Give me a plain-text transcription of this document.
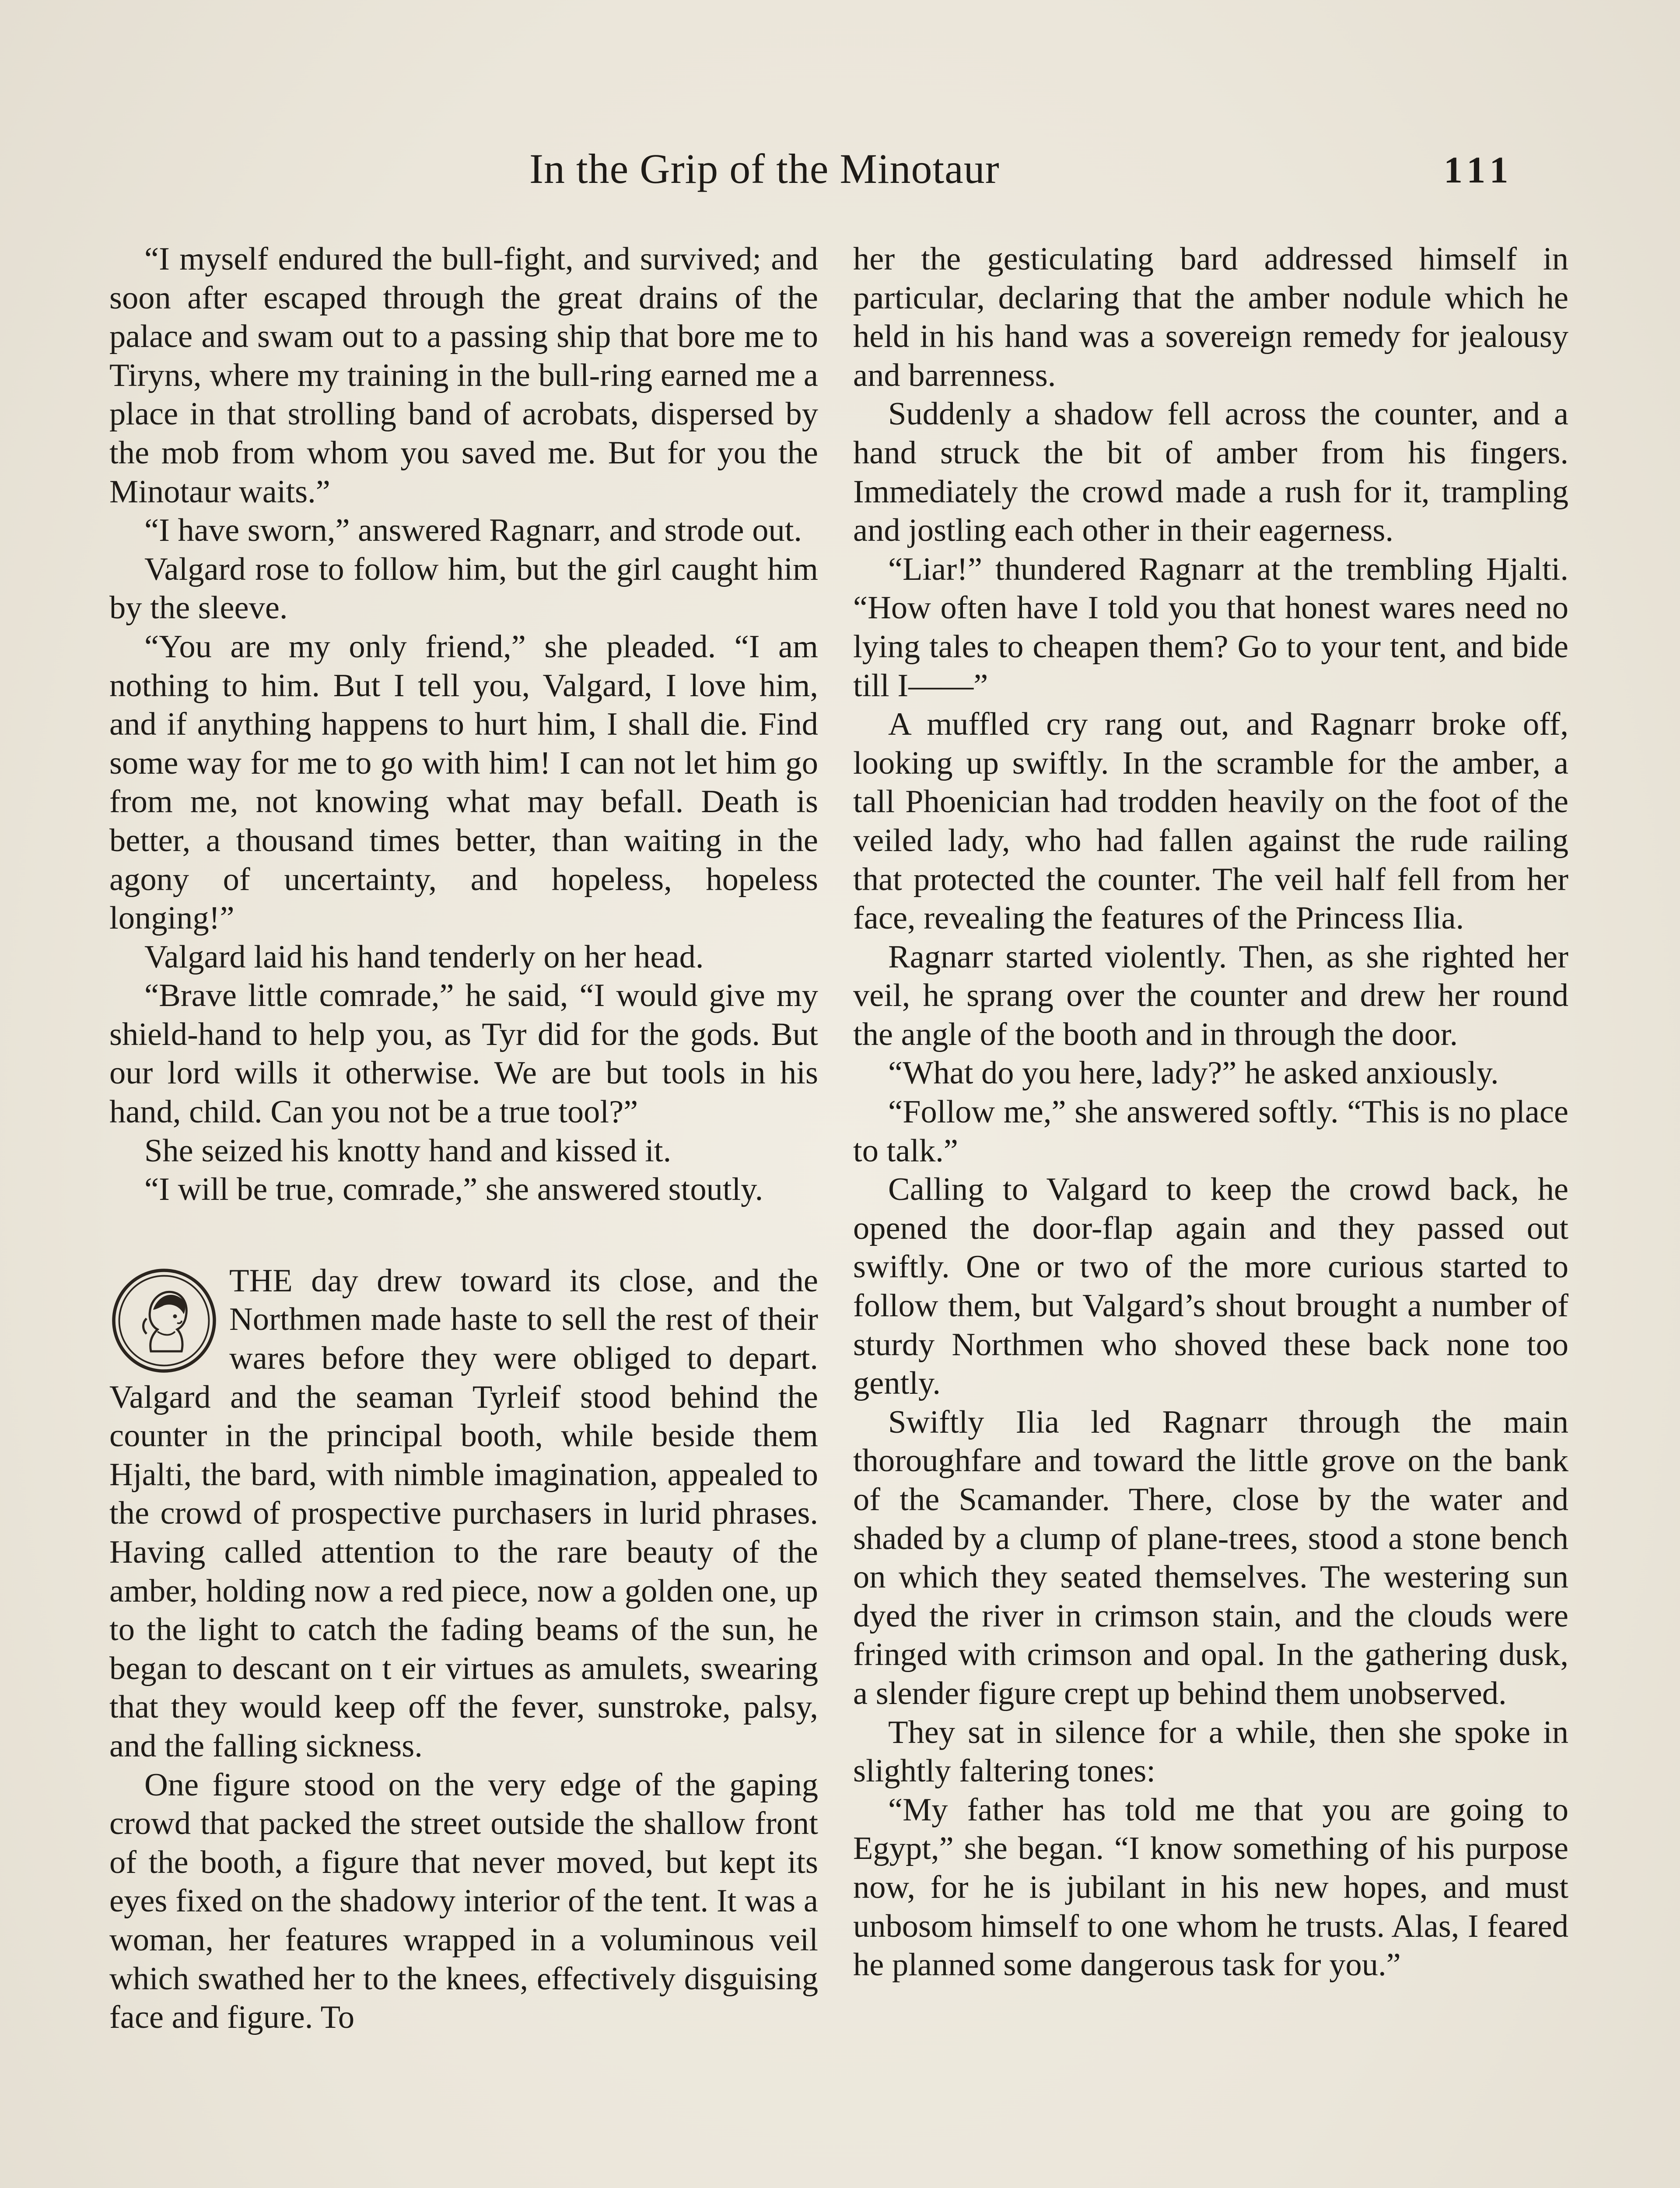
In the Grip of the Minotaur	111

“I myself endured the bull-fight, and survived; and soon after escaped through the great drains of the palace and swam out to a passing ship that bore me to Tiryns, where my training in the bull-ring earned me a place in that strolling band of acrobats, dispersed by the mob from whom you saved me. But for you the Minotaur waits.”

“I have sworn,” answered Ragnarr, and strode out.

Valgard rose to follow him, but the girl caught him by the sleeve.

“You are my only friend,” she pleaded. “I am nothing to him. But I tell you, Valgard, I love him, and if anything happens to hurt him, I shall die. Find some way for me to go with him! I can not let him go from me, not knowing what may befall. Death is better, a thousand times better, than waiting in the agony of uncertainty, and hopeless, hopeless longing!”

Valgard laid his hand tenderly on her head.

“Brave little comrade,” he said, “I would give my shield-hand to help you, as Tyr did for the gods. But our lord wills it otherwise. We are but tools in his hand, child. Can you not be a true tool?”

She seized his knotty hand and kissed it.

“I will be true, comrade,” she answered stoutly.

THE day drew toward its close, and the Northmen made haste to sell the rest of their wares before they were obliged to depart. Valgard and the seaman Tyrleif stood behind the counter in the principal booth, while beside them Hjalti, the bard, with nimble imagination, appealed to the crowd of prospective purchasers in lurid phrases. Having called attention to the rare beauty of the amber, holding now a red piece, now a golden one, up to the light to catch the fading beams of the sun, he began to descant on t eir virtues as amulets, swearing that they would keep off the fever, sunstroke, palsy, and the falling sickness.

One figure stood on the very edge of the gaping crowd that packed the street outside the shallow front of the booth, a figure that never moved, but kept its eyes fixed on the shadowy interior of the tent. It was a woman, her features wrapped in a voluminous veil which swathed her to the knees, effectively disguising face and figure. To

her the gesticulating bard addressed himself in particular, declaring that the amber nodule which he held in his hand was a sovereign remedy for jealousy and barrenness.

Suddenly a shadow fell across the counter, and a hand struck the bit of amber from his fingers. Immediately the crowd made a rush for it, trampling and jostling each other in their eagerness.

“Liar!” thundered Ragnarr at the trembling Hjalti. “How often have I told you that honest wares need no lying tales to cheapen them? Go to your tent, and bide till I——”

A muffled cry rang out, and Ragnarr broke off, looking up swiftly. In the scramble for the amber, a tall Phoenician had trodden heavily on the foot of the veiled lady, who had fallen against the rude railing that protected the counter. The veil half fell from her face, revealing the features of the Princess Ilia.

Ragnarr started violently. Then, as she righted her veil, he sprang over the counter and drew her round the angle of the booth and in through the door.

“What do you here, lady?” he asked anxiously.

“Follow me,” she answered softly. “This is no place to talk.”

Calling to Valgard to keep the crowd back, he opened the door-flap again and they passed out swiftly. One or two of the more curious started to follow them, but Valgard’s shout brought a number of sturdy Northmen who shoved these back none too gently.

Swiftly Ilia led Ragnarr through the main thoroughfare and toward the little grove on the bank of the Scamander. There, close by the water and shaded by a clump of plane-trees, stood a stone bench on which they seated themselves. The westering sun dyed the river in crimson stain, and the clouds were fringed with crimson and opal. In the gathering dusk, a slender figure crept up behind them unobserved.

They sat in silence for a while, then she spoke in slightly faltering tones:

“My father has told me that you are going to Egypt,” she began. “I know something of his purpose now, for he is jubilant in his new hopes, and must unbosom himself to one whom he trusts. Alas, I feared he planned some dangerous task for you.”
